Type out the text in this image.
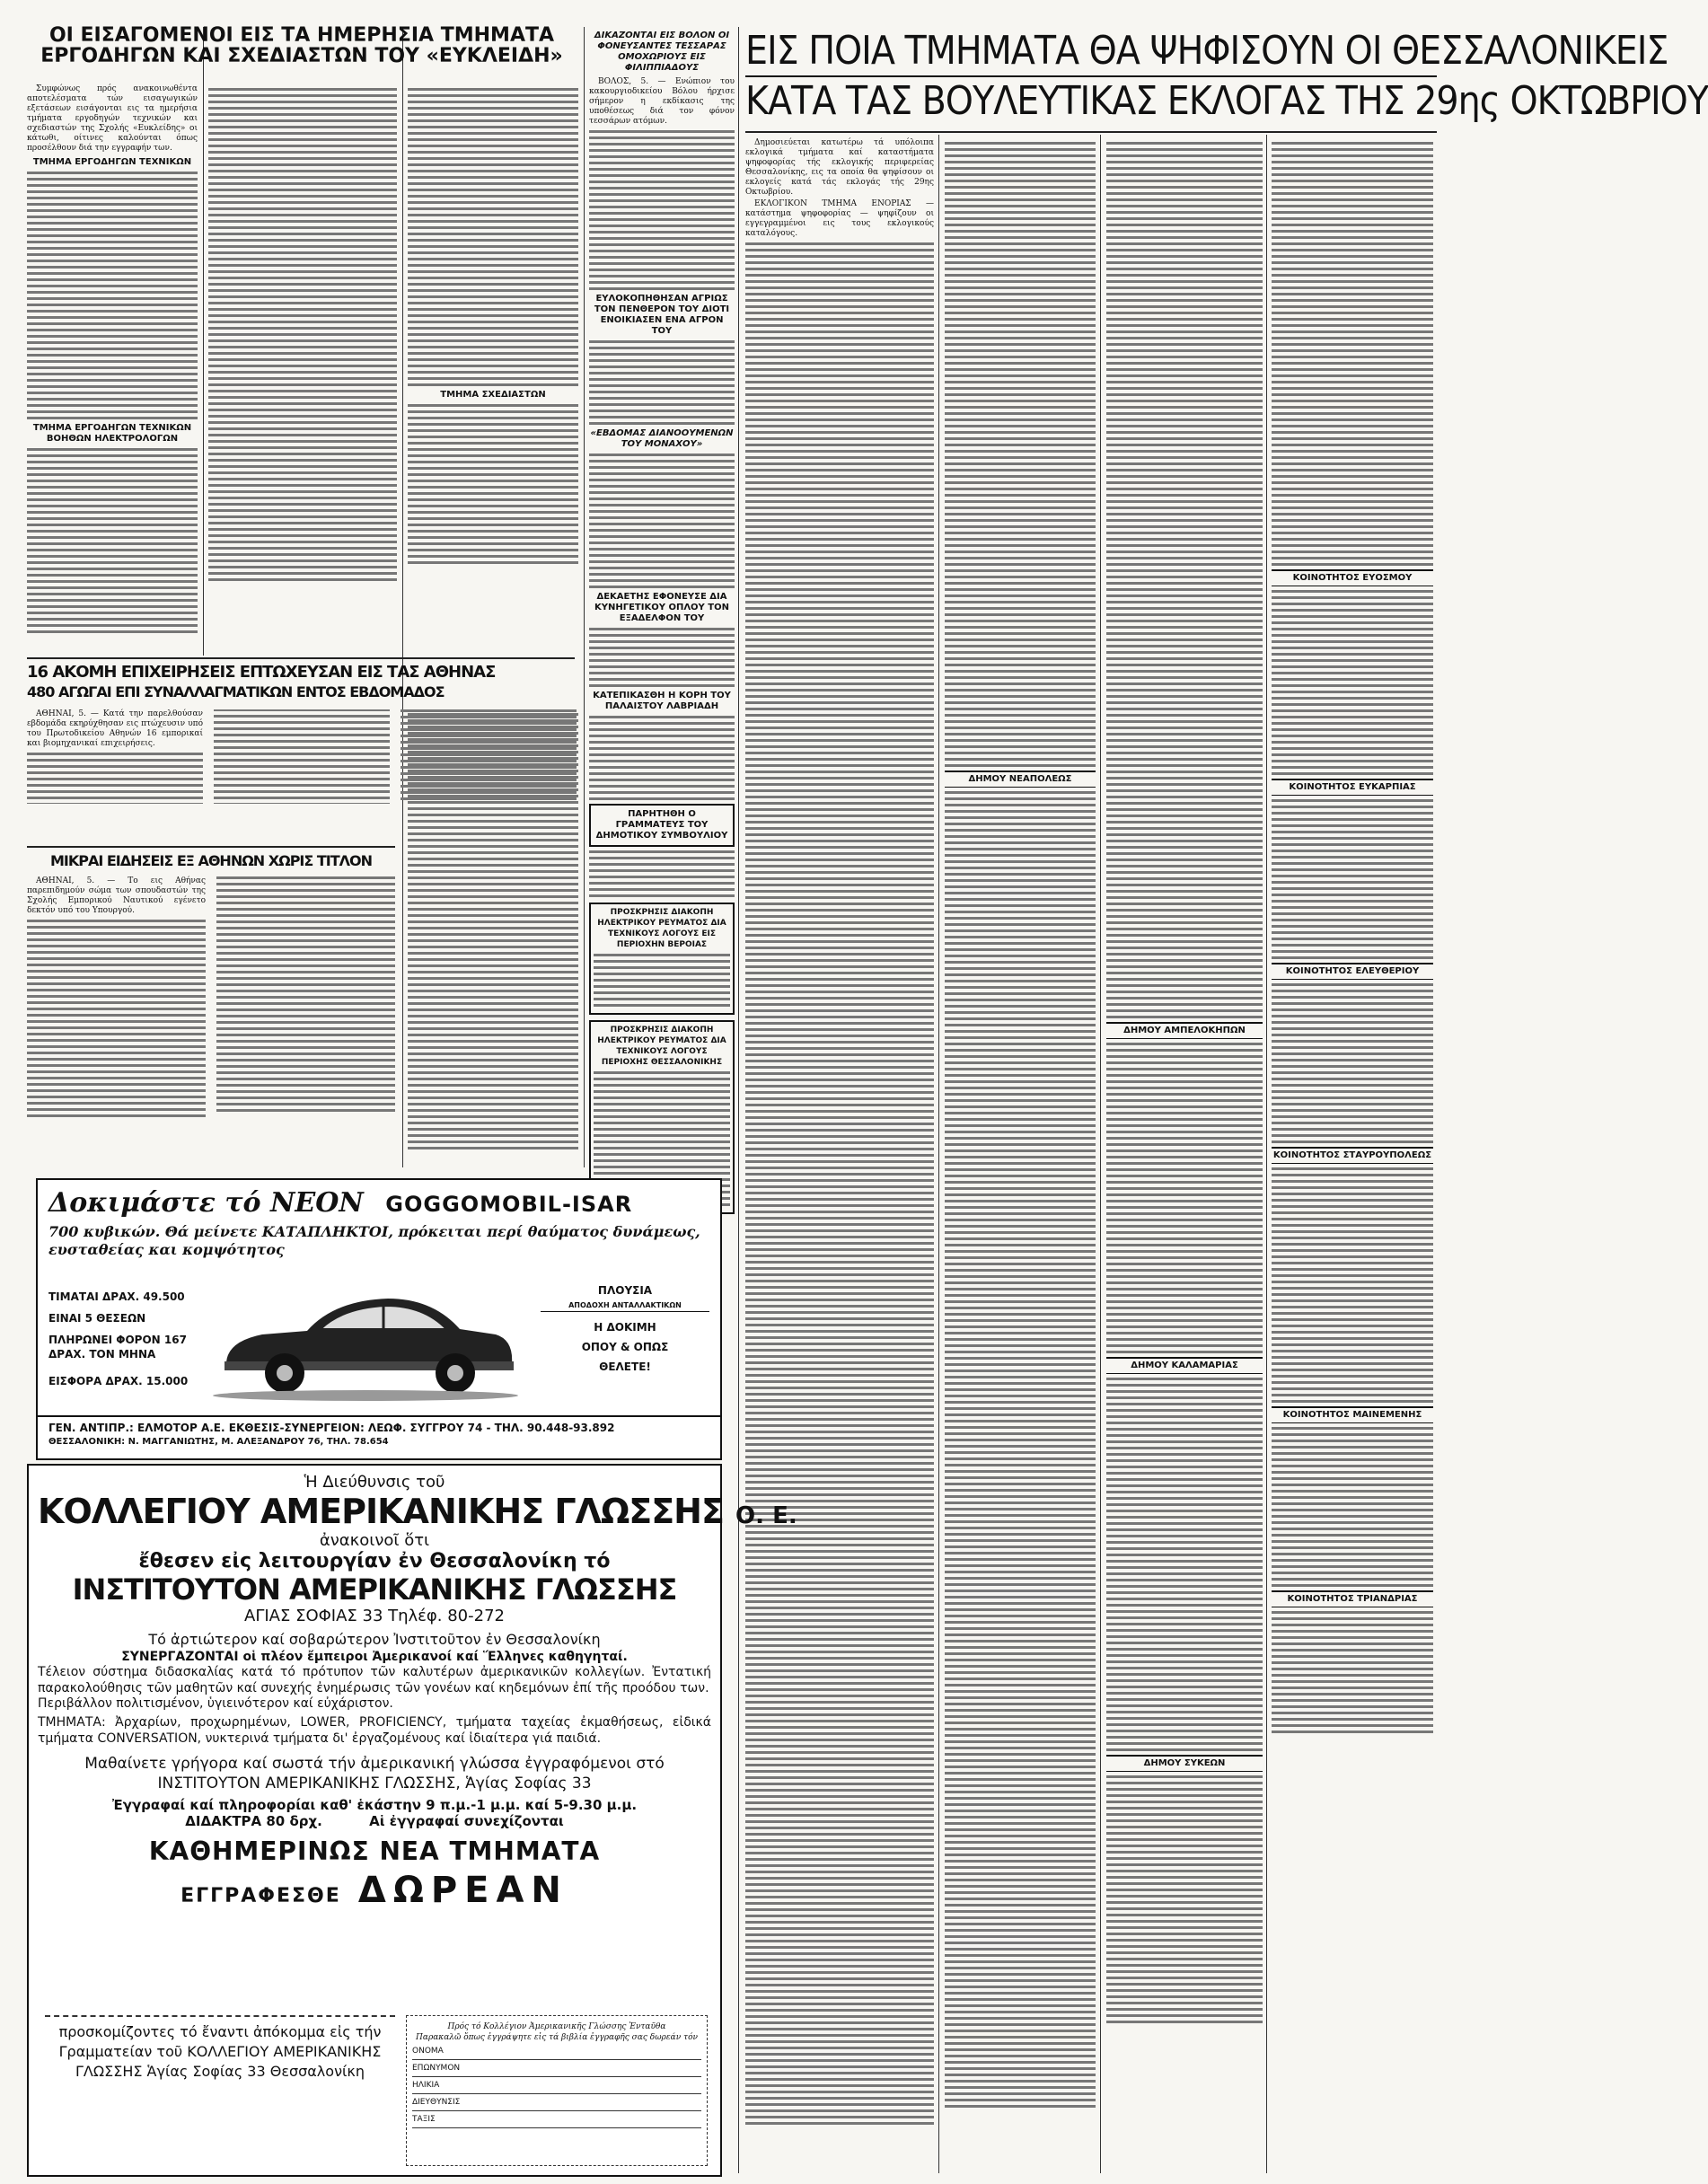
ΟΙ ΕΙΣΑΓΟΜΕΝΟΙ ΕΙΣ ΤΑ ΗΜΕΡΗΣΙΑ ΤΜΗΜΑΤΑ ΕΡΓΟΔΗΓΩΝ ΚΑΙ ΣΧΕΔΙΑΣΤΩΝ ΤΟΥ «ΕΥΚΛΕΙΔΗ»

Συμφώνως πρός ανακοινωθέντα αποτελέσματα τών εισαγωγικών εξετάσεων εισάγονται εις τα ημερήσια τμήματα εργοδηγών τεχνικών και σχεδιαστών της Σχολής «Ευκλείδης» οι κάτωθι, οίτινες καλούνται όπως προσέλθουν διά την εγγραφήν των.

ΤΜΗΜΑ ΕΡΓΟΔΗΓΩΝ ΤΕΧΝΙΚΩΝ
ΤΜΗΜΑ ΕΡΓΟΔΗΓΩΝ ΤΕΧΝΙΚΩΝ ΒΟΗΘΩΝ ΗΛΕΚΤΡΟΛΟΓΩΝ
ΤΜΗΜΑ ΣΧΕΔΙΑΣΤΩΝ
16 ΑΚΟΜΗ ΕΠΙΧΕΙΡΗΣΕΙΣ ΕΠΤΩΧΕΥΣΑΝ ΕΙΣ ΤΑΣ ΑΘΗΝΑΣ
480 ΑΓΩΓΑΙ ΕΠΙ ΣΥΝΑΛΛΑΓΜΑΤΙΚΩΝ ΕΝΤΟΣ ΕΒΔΟΜΑΔΟΣ

ΑΘΗΝΑΙ, 5. — Κατά την παρελθούσαν εβδομάδα εκηρύχθησαν εις πτώχευσιν υπό του Πρωτοδικείου Αθηνών 16 εμπορικαί και βιομηχανικαί επιχειρήσεις.

ΜΙΚΡΑΙ ΕΙΔΗΣΕΙΣ ΕΞ ΑΘΗΝΩΝ ΧΩΡΙΣ ΤΙΤΛΟΝ

ΑΘΗΝΑΙ, 5. — Το εις Αθήνας παρεπιδημούν σώμα των σπουδαστών της Σχολής Εμπορικού Ναυτικού εγένετο δεκτόν υπό του Υπουργού.

ΔΙΚΑΖΟΝΤΑΙ ΕΙΣ ΒΟΛΟΝ ΟΙ ΦΟΝΕΥΣΑΝΤΕΣ ΤΕΣΣΑΡΑΣ ΟΜΟΧΩΡΙΟΥΣ ΕΙΣ ΦΙΛΙΠΠΙΑΔΟΥΣ

ΒΟΛΟΣ, 5. — Ενώπιον του κακουργιοδικείου Βόλου ήρχισε σήμερον η εκδίκασις της υποθέσεως διά τον φόνον τεσσάρων ατόμων.

ΕΥΛΟΚΟΠΗΘΗΣΑΝ ΑΓΡΙΩΣ ΤΟΝ ΠΕΝΘΕΡΟΝ ΤΟΥ ΔΙΟΤΙ ΕΝΟΙΚΙΑΣΕΝ ΕΝΑ ΑΓΡΟΝ ΤΟΥ
«ΕΒΔΟΜΑΣ ΔΙΑΝΟΟΥΜΕΝΩΝ ΤΟΥ ΜΟΝΑΧΟΥ»
ΔΕΚΑΕΤΗΣ ΕΦΟΝΕΥΣΕ ΔΙΑ ΚΥΝΗΓΕΤΙΚΟΥ ΟΠΛΟΥ ΤΟΝ ΕΞΑΔΕΛΦΟΝ ΤΟΥ
ΚΑΤΕΠΙΚΑΣΘΗ Η ΚΟΡΗ ΤΟΥ ΠΑΛΑΙΣΤΟΥ ΛΑΒΡΙΑΔΗ
ΠΑΡΗΤΗΘΗ Ο ΓΡΑΜΜΑΤΕΥΣ ΤΟΥ ΔΗΜΟΤΙΚΟΥ ΣΥΜΒΟΥΛΙΟΥ
ΠΡΟΣΚΡΗΣΙΣ ΔΙΑΚΟΠΗ ΗΛΕΚΤΡΙΚΟΥ ΡΕΥΜΑΤΟΣ ΔΙΑ ΤΕΧΝΙΚΟΥΣ ΛΟΓΟΥΣ ΕΙΣ ΠΕΡΙΟΧΗΝ ΒΕΡΟΙΑΣ
ΠΡΟΣΚΡΗΣΙΣ ΔΙΑΚΟΠΗ ΗΛΕΚΤΡΙΚΟΥ ΡΕΥΜΑΤΟΣ ΔΙΑ ΤΕΧΝΙΚΟΥΣ ΛΟΓΟΥΣ ΠΕΡΙΟΧΗΣ ΘΕΣΣΑΛΟΝΙΚΗΣ
ΕΙΣ ΠΟΙΑ ΤΜΗΜΑΤΑ ΘΑ ΨΗΦΙΣΟΥΝ ΟΙ ΘΕΣΣΑΛΟΝΙΚΕΙΣ
ΚΑΤΑ ΤΑΣ ΒΟΥΛΕΥΤΙΚΑΣ ΕΚΛΟΓΑΣ ΤΗΣ 29ης ΟΚΤΩΒΡΙΟΥ

Δημοσιεύεται κατωτέρω τά υπόλοιπα εκλογικά τμήματα καί καταστήματα ψηφοφορίας τής εκλογικής περιφερείας Θεσσαλονίκης, εις τα οποία θα ψηφίσουν οι εκλογείς κατά τάς εκλογάς τής 29ης Οκτωβρίου.

ΕΚΛΟΓΙΚΟΝ ΤΜΗΜΑ ΕΝΟΡΙΑΣ — κατάστημα ψηφοφορίας — ψηφίζουν οι εγγεγραμμένοι εις τους εκλογικούς καταλόγους.

ΔΗΜΟΥ ΝΕΑΠΟΛΕΩΣ
ΔΗΜΟΥ ΑΜΠΕΛΟΚΗΠΩΝ
ΔΗΜΟΥ ΚΑΛΑΜΑΡΙΑΣ
ΔΗΜΟΥ ΣΥΚΕΩΝ
ΚΟΙΝΟΤΗΤΟΣ ΕΥΟΣΜΟΥ
ΚΟΙΝΟΤΗΤΟΣ ΕΥΚΑΡΠΙΑΣ
ΚΟΙΝΟΤΗΤΟΣ ΕΛΕΥΘΕΡΙΟΥ
ΚΟΙΝΟΤΗΤΟΣ ΣΤΑΥΡΟΥΠΟΛΕΩΣ
ΚΟΙΝΟΤΗΤΟΣ ΜΑΙΝΕΜΕΝΗΣ
ΚΟΙΝΟΤΗΤΟΣ ΤΡΙΑΝΔΡΙΑΣ
Δοκιμάστε τό ΝΕΟΝ GOGGOMOBIL-ISAR
700 κυβικών. Θά μείνετε ΚΑΤΑΠΛΗΚΤΟΙ, πρόκειται περί θαύματος δυνάμεως, ευσταθείας και κομψότητος
ΤΙΜΑΤΑΙ ΔΡΑΧ. 49.500
ΕΙΝΑΙ 5 ΘΕΣΕΩΝ
ΠΛΗΡΩΝΕΙ ΦΟΡΟΝ 167 ΔΡΑΧ. ΤΟΝ ΜΗΝΑ
ΕΙΣΦΟΡΑ ΔΡΑΧ. 15.000
ΠΛΟΥΣΙΑ
ΑΠΟΔΟΧΗ ΑΝΤΑΛΛΑΚΤΙΚΩΝ
Η ΔΟΚΙΜΗ
ΟΠΟΥ & ΟΠΩΣ
ΘΕΛΕΤΕ!
ΓΕΝ. ΑΝΤΙΠΡ.: ΕΛΜΟΤΟΡ Α.Ε. ΕΚΘΕΣΙΣ-ΣΥΝΕΡΓΕΙΟΝ: ΛΕΩΦ. ΣΥΓΓΡΟΥ 74 - ΤΗΛ. 90.448-93.892
ΘΕΣΣΑΛΟΝΙΚΗ: Ν. ΜΑΓΓΑΝΙΩΤΗΣ, Μ. ΑΛΕΞΑΝΔΡΟΥ 76, ΤΗΛ. 78.654
Ἡ Διεύθυνσις τοῦ
ΚΟΛΛΕΓΙΟΥ ΑΜΕΡΙΚΑΝΙΚΗΣ ΓΛΩΣΣΗΣ Ο. Ε.
ἀνακοινοῖ ὅτι
ἔθεσεν εἰς λειτουργίαν ἐν Θεσσαλονίκη τό
ΙΝΣΤΙΤΟΥΤΟΝ ΑΜΕΡΙΚΑΝΙΚΗΣ ΓΛΩΣΣΗΣ
ΑΓΙΑΣ ΣΟΦΙΑΣ 33 Τηλέφ. 80-272
Τό ἀρτιώτερον καί σοβαρώτερον Ἰνστιτοῦτον ἐν Θεσσαλονίκη
ΣΥΝΕΡΓΑΖΟΝΤΑΙ οἱ πλέον ἔμπειροι Ἀμερικανοί καί Ἕλληνες καθηγηταί.
Τέλειον σύστημα διδασκαλίας κατά τό πρότυπον τῶν καλυτέρων ἀμερικανικῶν κολλεγίων. Ἐντατική παρακολούθησις τῶν μαθητῶν καί συνεχής ἐνημέρωσις τῶν γονέων καί κηδεμόνων ἐπί τῆς προόδου των.
Περιβάλλον πολιτισμένον, ὑγιεινότερον καί εὐχάριστον.
ΤΜΗΜΑΤΑ: Ἀρχαρίων, προχωρημένων, LOWER, PROFICIENCY, τμήματα ταχείας ἐκμαθήσεως, εἰδικά τμήματα CONVERSATION, νυκτερινά τμήματα δι' ἐργαζομένους καί ἰδιαίτερα γιά παιδιά.
Μαθαίνετε γρήγορα καί σωστά τήν ἀμερικανική γλώσσα ἐγγραφόμενοι στό ΙΝΣΤΙΤΟΥΤΟΝ ΑΜΕΡΙΚΑΝΙΚΗΣ ΓΛΩΣΣΗΣ, Ἁγίας Σοφίας 33
Ἐγγραφαί καί πληροφορίαι καθ' ἑκάστην 9 π.μ.-1 μ.μ. καί 5-9.30 μ.μ.
ΔΙΔΑΚΤΡΑ 80 δρχ.          Αἱ ἐγγραφαί συνεχίζονται
ΚΑΘΗΜΕΡΙΝΩΣ ΝΕΑ ΤΜΗΜΑΤΑ
ΕΓΓΡΑΦΕΣΘΕ ΔΩΡΕΑΝ
προσκομίζοντες τό ἔναντι ἀπόκομμα εἰς τήν Γραμματείαν τοῦ ΚΟΛΛΕΓΙΟΥ ΑΜΕΡΙΚΑΝΙΚΗΣ ΓΛΩΣΣΗΣ Ἁγίας Σοφίας 33 Θεσσαλονίκη
Πρός τό Κολλέγιον Ἀμερικανικῆς Γλώσσης Ἐνταῦθα
Παρακαλῶ ὅπως ἐγγράψητε εἰς τά βιβλία ἐγγραφῆς σας δωρεάν τόν
ΟΝΟΜΑ
ΕΠΩΝΥΜΟΝ
ΗΛΙΚΙΑ
ΔΙΕΥΘΥΝΣΙΣ
ΤΑΞΙΣ
